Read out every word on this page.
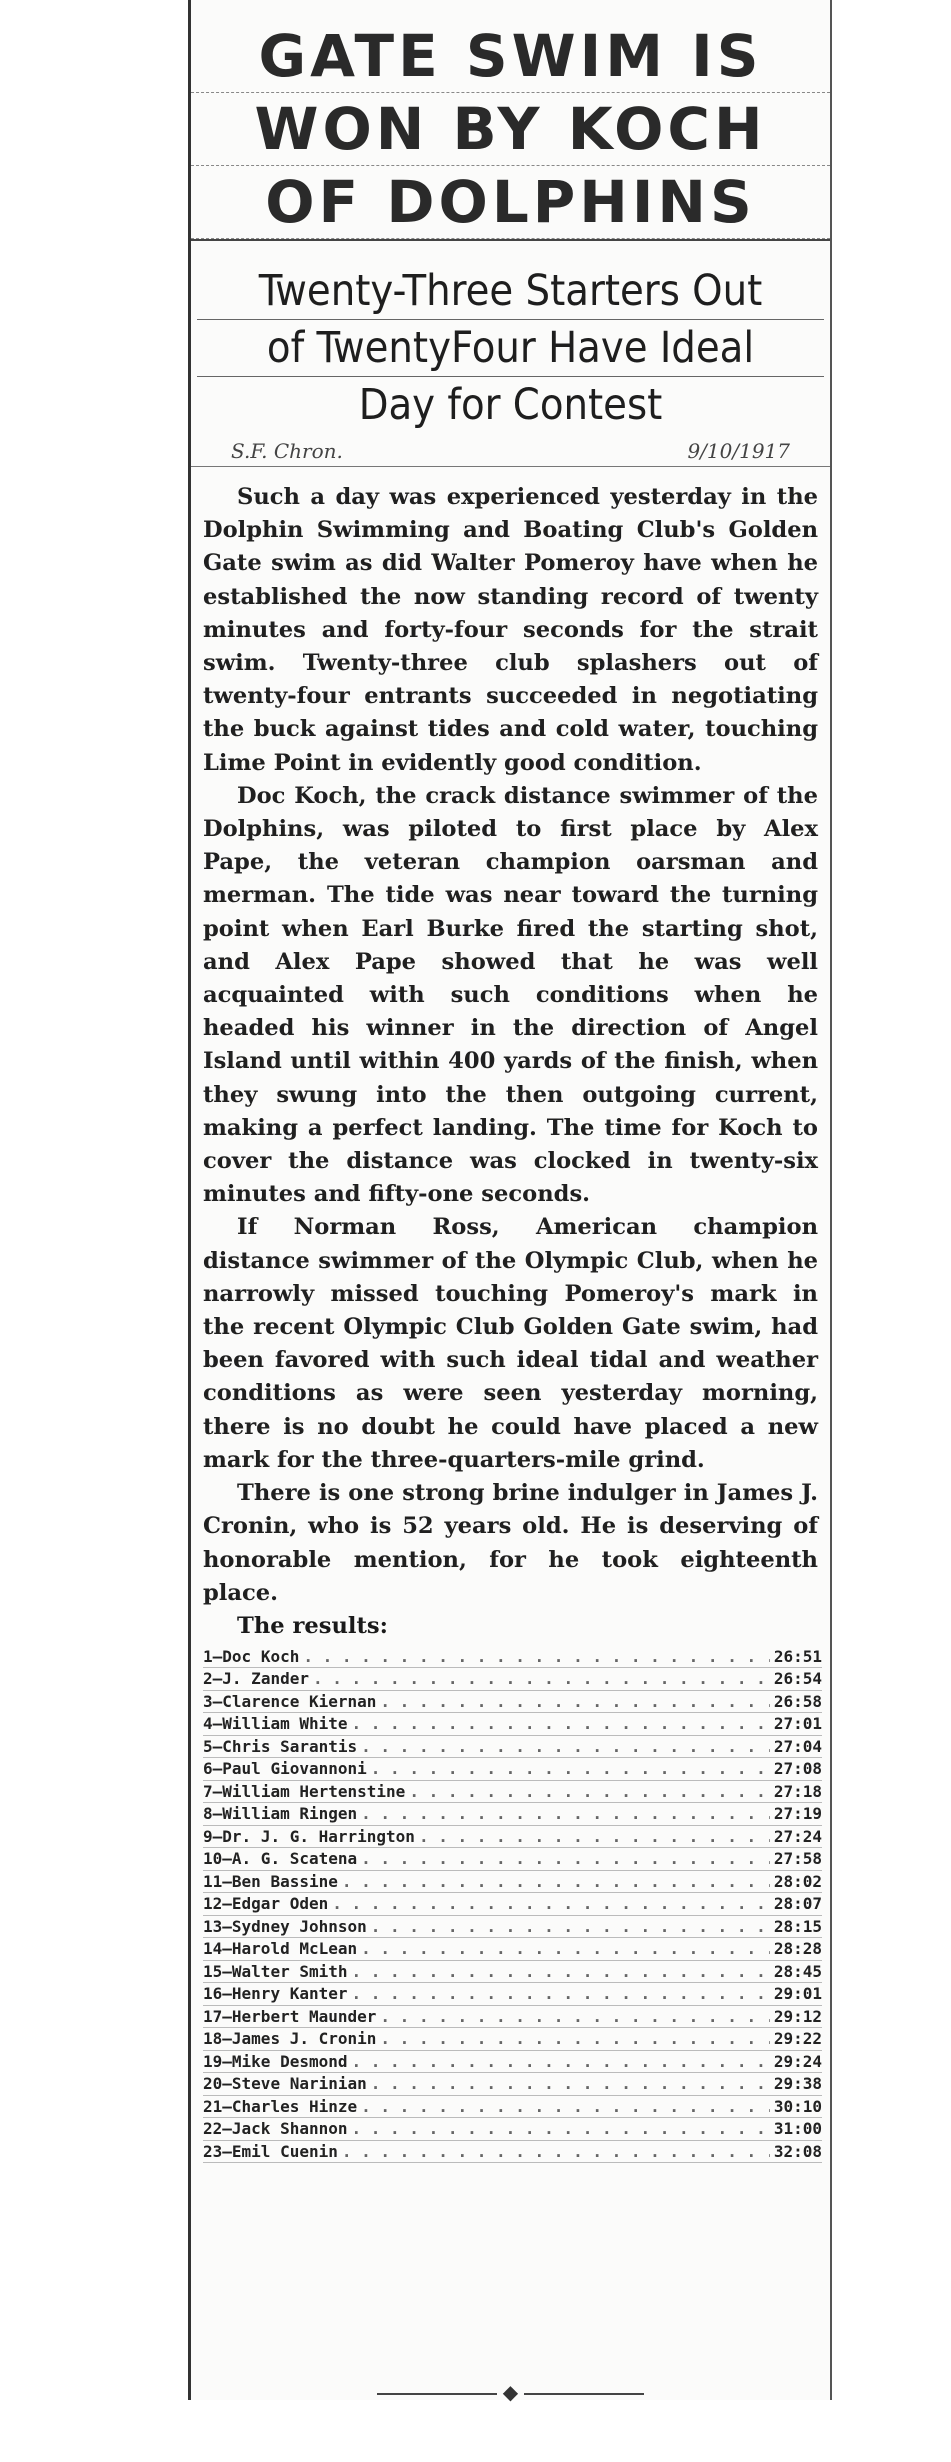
GATE SWIM IS
WON BY KOCH
OF DOLPHINS
Twenty-Three Starters Out
of TwentyFour Have Ideal
Day for Contest
S.F. Chron.	9/10/1917

Such a day was experienced yesterday in the Dolphin Swimming and Boating Club's Golden Gate swim as did Walter Pomeroy have when he established the now standing record of twenty minutes and forty-four seconds for the strait swim. Twenty-three club splashers out of twenty-four entrants succeeded in negotiating the buck against tides and cold water, touching Lime Point in evidently good condition.

Doc Koch, the crack distance swimmer of the Dolphins, was piloted to first place by Alex Pape, the veteran champion oarsman and merman. The tide was near toward the turning point when Earl Burke fired the starting shot, and Alex Pape showed that he was well acquainted with such conditions when he headed his winner in the direction of Angel Island until within 400 yards of the finish, when they swung into the then outgoing current, making a perfect landing. The time for Koch to cover the distance was clocked in twenty-six minutes and fifty-one seconds.

If Norman Ross, American champion distance swimmer of the Olympic Club, when he narrowly missed touching Pomeroy's mark in the recent Olympic Club Golden Gate swim, had been favored with such ideal tidal and weather conditions as were seen yesterday morning, there is no doubt he could have placed a new mark for the three-quarters-mile grind.

There is one strong brine indulger in James J. Cronin, who is 52 years old. He is deserving of honorable mention, for he took eighteenth place.

The results:
1 — Doc Koch . . .	26:51
2 — J. Zander . . .	26:54
3 — Clarence Kiernan . . .	26:58
4 — William White . . .	27:01
5 — Chris Sarantis . . .	27:04
6 — Paul Giovannoni . . .	27:08
7 — William Hertenstine . . .	27:18
8 — William Ringen . . .	27:19
9 — Dr. J. G. Harrington . . .	27:24
10 — A. G. Scatena . . .	27:58
11 — Ben Bassine . . .	28:02
12 — Edgar Oden . . .	28:07
13 — Sydney Johnson . . .	28:15
14 — Harold McLean . . .	28:28
15 — Walter Smith . . .	28:45
16 — Henry Kanter . . .	29:01
17 — Herbert Maunder . . .	29:12
18 — James J. Cronin . . .	29:22
19 — Mike Desmond . . .	29:24
20 — Steve Narinian . . .	29:38
21 — Charles Hinze . . .	30:10
22 — Jack Shannon . . .	31:00
23 — Emil Cuenin . . .	32:08
◆
